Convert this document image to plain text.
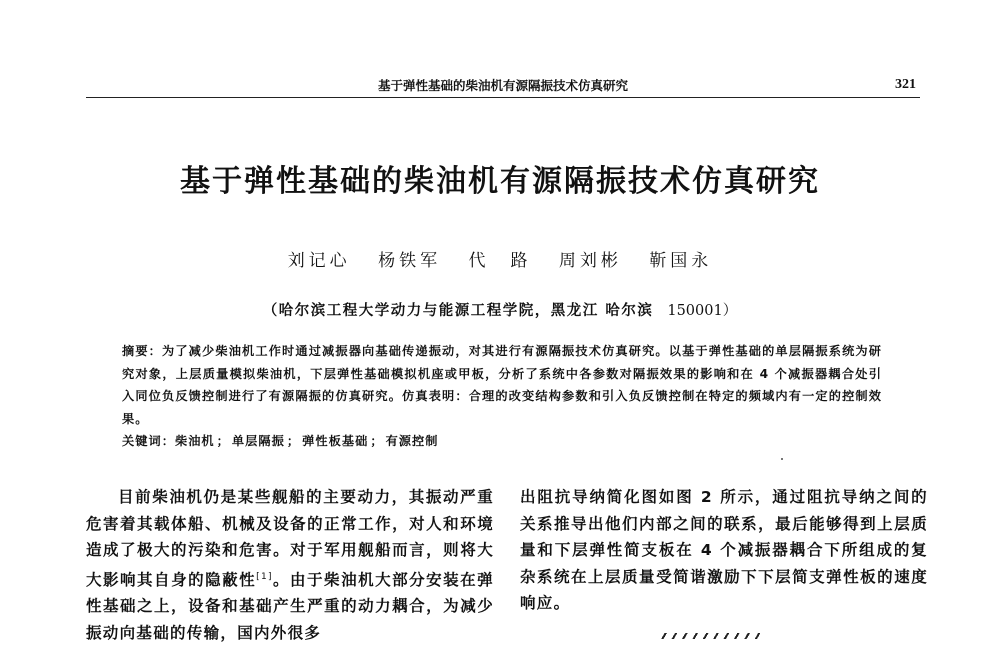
基于弹性基础的柴油机有源隔振技术仿真研究	321
基于弹性基础的柴油机有源隔振技术仿真研究
刘记心 杨铁军 代　路 周刘彬 靳国永
（哈尔滨工程大学动力与能源工程学院，黑龙江 哈尔滨 150001）
摘要：为了减少柴油机工作时通过减振器向基础传递振动，对其进行有源隔振技术仿真研究。以基于弹性基础的单层隔振系统为研究对象，上层质量模拟柴油机，下层弹性基础模拟机座或甲板，分析了系统中各参数对隔振效果的影响和在 4 个减振器耦合处引入同位负反馈控制进行了有源隔振的仿真研究。仿真表明：合理的改变结构参数和引入负反馈控制在特定的频域内有一定的控制效果。
关键词：柴油机 ； 单层隔振 ； 弹性板基础 ； 有源控制

目前柴油机仍是某些舰船的主要动力，其振动严重危害着其载体船、机械及设备的正常工作，对人和环境造成了极大的污染和危害。对于军用舰船而言，则将大大影响其自身的隐蔽性[1]。由于柴油机大部分安装在弹性基础之上，设备和基础产生严重的动力耦合，为减少振动向基础的传输，国内外很多

出阻抗导纳简化图如图 2 所示，通过阻抗导纳之间的关系推导出他们内部之间的联系，最后能够得到上层质量和下层弹性简支板在 4 个减振器耦合下所组成的复杂系统在上层质量受简谐激励下下层简支弹性板的速度响应。
